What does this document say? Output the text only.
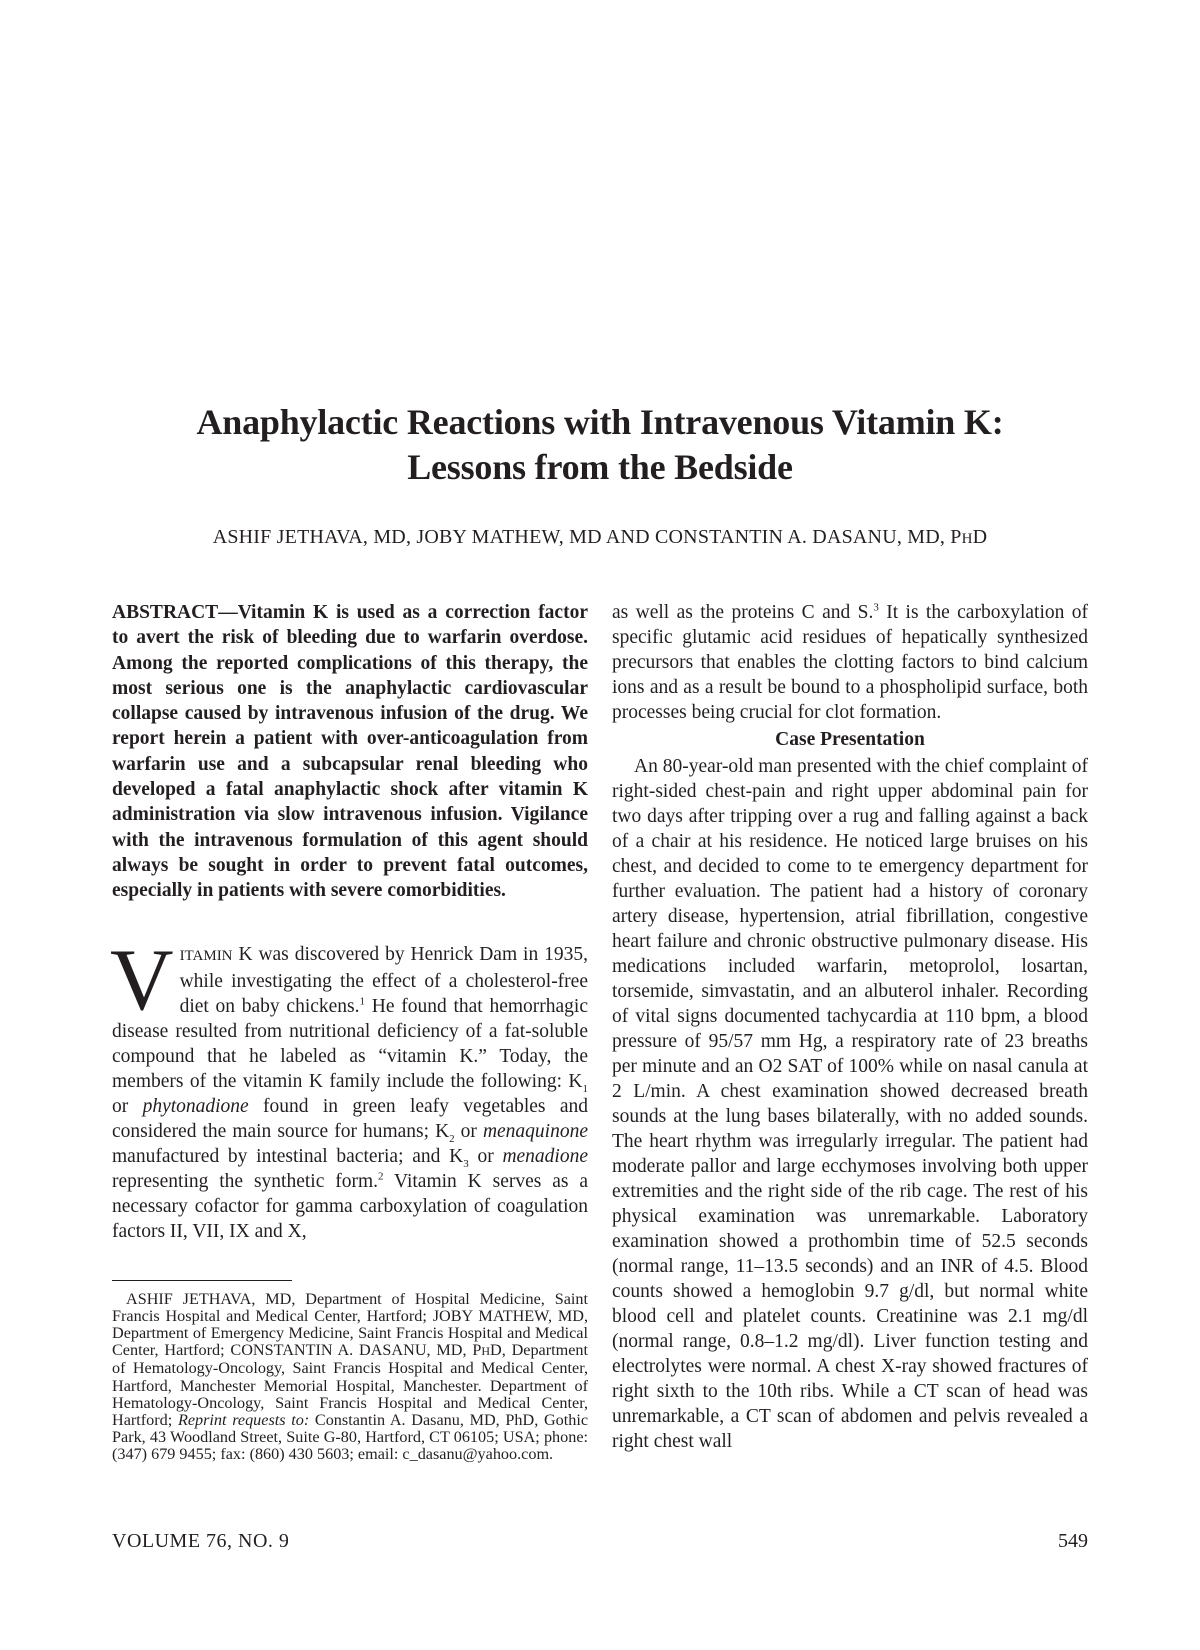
Anaphylactic Reactions with Intravenous Vitamin K:
Lessons from the Bedside

ASHIF JETHAVA, MD, JOBY MATHEW, MD AND CONSTANTIN A. DASANU, MD, PHD

ABSTRACT—Vitamin K is used as a correction factor to avert the risk of bleeding due to warfarin overdose. Among the reported complications of this therapy, the most serious one is the anaphylactic cardiovascular collapse caused by intravenous infusion of the drug. We report herein a patient with over-anticoagulation from warfarin use and a subcapsular renal bleeding who developed a fatal anaphylactic shock after vitamin K administration via slow intravenous infusion. Vigilance with the intravenous formulation of this agent should always be sought in order to prevent fatal outcomes, especially in patients with severe comorbidities.

VITAMIN K was discovered by Henrick Dam in 1935, while investigating the effect of a cholesterol-free diet on baby chickens.$^1$ He found that hemorrhagic disease resulted from nutritional deficiency of a fat-soluble compound that he labeled as “vitamin K.” Today, the members of the vitamin K family include the following: $K_1$ or phytonadione found in green leafy vegetables and considered the main source for humans; $K_2$ or menaquinone manufactured by intestinal bacteria; and $K_3$ or menadione representing the synthetic form.$^2$ Vitamin K serves as a necessary cofactor for gamma carboxylation of coagulation factors II, VII, IX and X,

ASHIF JETHAVA, MD, Department of Hospital Medicine, Saint Francis Hospital and Medical Center, Hartford; JOBY MATHEW, MD, Department of Emergency Medicine, Saint Francis Hospital and Medical Center, Hartford; CONSTANTIN A. DASANU, MD, PHD, Department of Hematology-Oncology, Saint Francis Hospital and Medical Center, Hartford, Manchester Memorial Hospital, Manchester. Department of Hematology-Oncology, Saint Francis Hospital and Medical Center, Hartford; Reprint requests to: Constantin A. Dasanu, MD, PhD, Gothic Park, 43 Woodland Street, Suite G-80, Hartford, CT 06105; USA; phone: (347) 679 9455; fax: (860) 430 5603; email: c_dasanu@yahoo.com.

as well as the proteins C and S.$^3$ It is the carboxylation of specific glutamic acid residues of hepatically synthesized precursors that enables the clotting factors to bind calcium ions and as a result be bound to a phospholipid surface, both processes being crucial for clot formation.

Case Presentation

An 80-year-old man presented with the chief complaint of right-sided chest-pain and right upper abdominal pain for two days after tripping over a rug and falling against a back of a chair at his residence. He noticed large bruises on his chest, and decided to come to te emergency department for further evaluation. The patient had a history of coronary artery disease, hypertension, atrial fibrillation, congestive heart failure and chronic obstructive pulmonary disease. His medications included warfarin, metoprolol, losartan, torsemide, simvastatin, and an albuterol inhaler. Recording of vital signs documented tachycardia at 110 bpm, a blood pressure of 95/57 mm Hg, a respiratory rate of 23 breaths per minute and an O2 SAT of 100% while on nasal canula at 2 L/min. A chest examination showed decreased breath sounds at the lung bases bilaterally, with no added sounds. The heart rhythm was irregularly irregular. The patient had moderate pallor and large ecchymoses involving both upper extremities and the right side of the rib cage. The rest of his physical examination was unremarkable. Laboratory examination showed a prothombin time of 52.5 seconds (normal range, 11–13.5 seconds) and an INR of 4.5. Blood counts showed a hemoglobin 9.7 g/dl, but normal white blood cell and platelet counts. Creatinine was 2.1 mg/dl (normal range, 0.8–1.2 mg/dl). Liver function testing and electrolytes were normal. A chest X-ray showed fractures of right sixth to the 10th ribs. While a CT scan of head was unremarkable, a CT scan of abdomen and pelvis revealed a right chest wall

VOLUME 76, NO. 9	549
